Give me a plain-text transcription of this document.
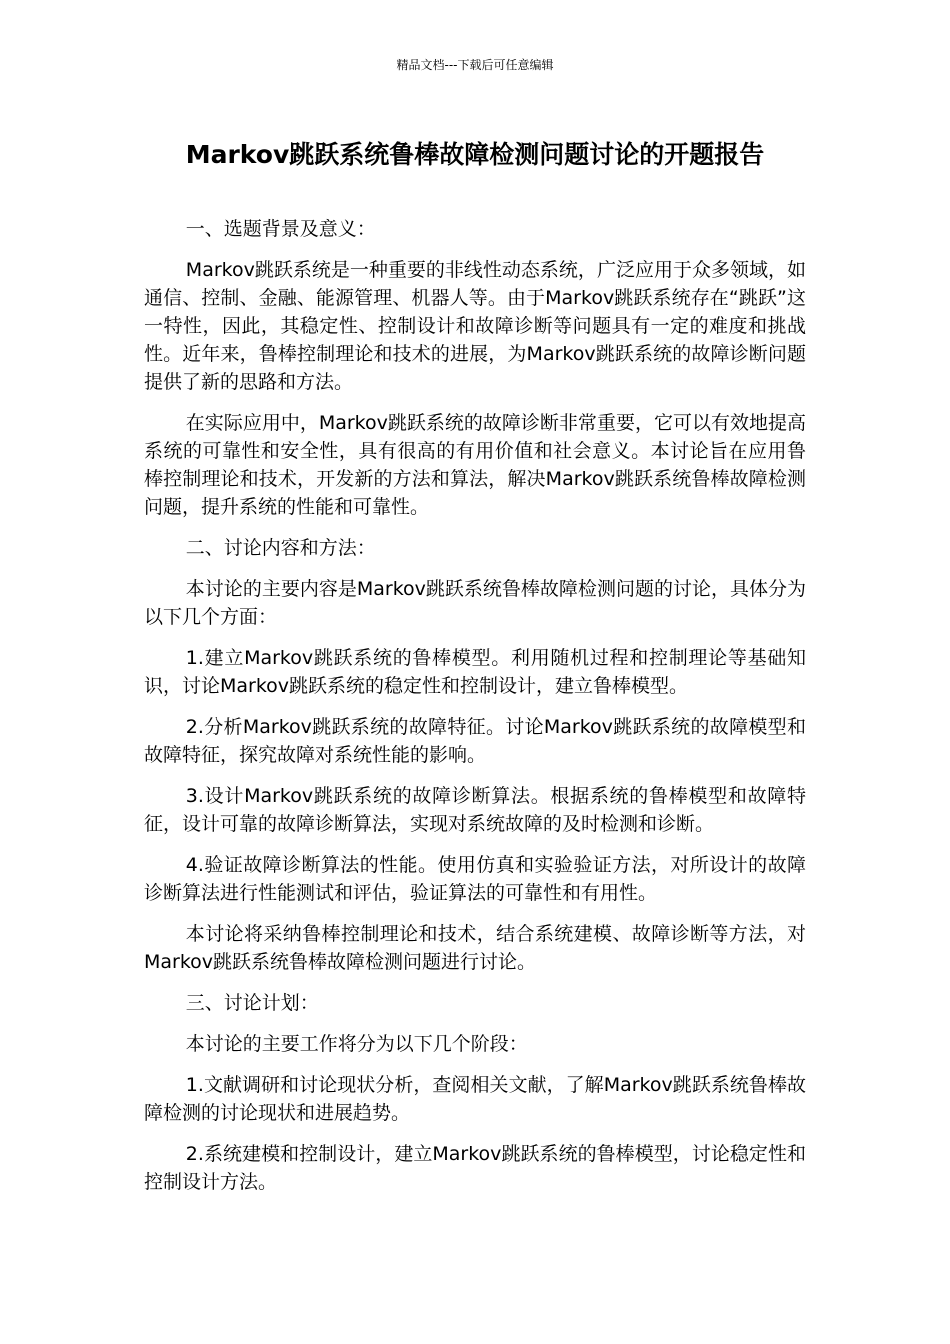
精品文档---下载后可任意编辑
Markov跳跃系统鲁棒故障检测问题讨论的开题报告

一、选题背景及意义：

Markov跳跃系统是一种重要的非线性动态系统，广泛应用于众多领域，如通信、控制、金融、能源管理、机器人等。由于Markov跳跃系统存在“跳跃”这一特性，因此，其稳定性、控制设计和故障诊断等问题具有一定的难度和挑战性。近年来，鲁棒控制理论和技术的进展，为Markov跳跃系统的故障诊断问题提供了新的思路和方法。

在实际应用中，Markov跳跃系统的故障诊断非常重要，它可以有效地提高系统的可靠性和安全性，具有很高的有用价值和社会意义。本讨论旨在应用鲁棒控制理论和技术，开发新的方法和算法，解决Markov跳跃系统鲁棒故障检测问题，提升系统的性能和可靠性。

二、讨论内容和方法：

本讨论的主要内容是Markov跳跃系统鲁棒故障检测问题的讨论，具体分为以下几个方面：

1.建立Markov跳跃系统的鲁棒模型。利用随机过程和控制理论等基础知识，讨论Markov跳跃系统的稳定性和控制设计，建立鲁棒模型。

2.分析Markov跳跃系统的故障特征。讨论Markov跳跃系统的故障模型和故障特征，探究故障对系统性能的影响。

3.设计Markov跳跃系统的故障诊断算法。根据系统的鲁棒模型和故障特征，设计可靠的故障诊断算法，实现对系统故障的及时检测和诊断。

4.验证故障诊断算法的性能。使用仿真和实验验证方法，对所设计的故障诊断算法进行性能测试和评估，验证算法的可靠性和有用性。

本讨论将采纳鲁棒控制理论和技术，结合系统建模、故障诊断等方法，对Markov跳跃系统鲁棒故障检测问题进行讨论。

三、讨论计划：

本讨论的主要工作将分为以下几个阶段：

1.文献调研和讨论现状分析，查阅相关文献，了解Markov跳跃系统鲁棒故障检测的讨论现状和进展趋势。

2.系统建模和控制设计，建立Markov跳跃系统的鲁棒模型，讨论稳定性和控制设计方法。
